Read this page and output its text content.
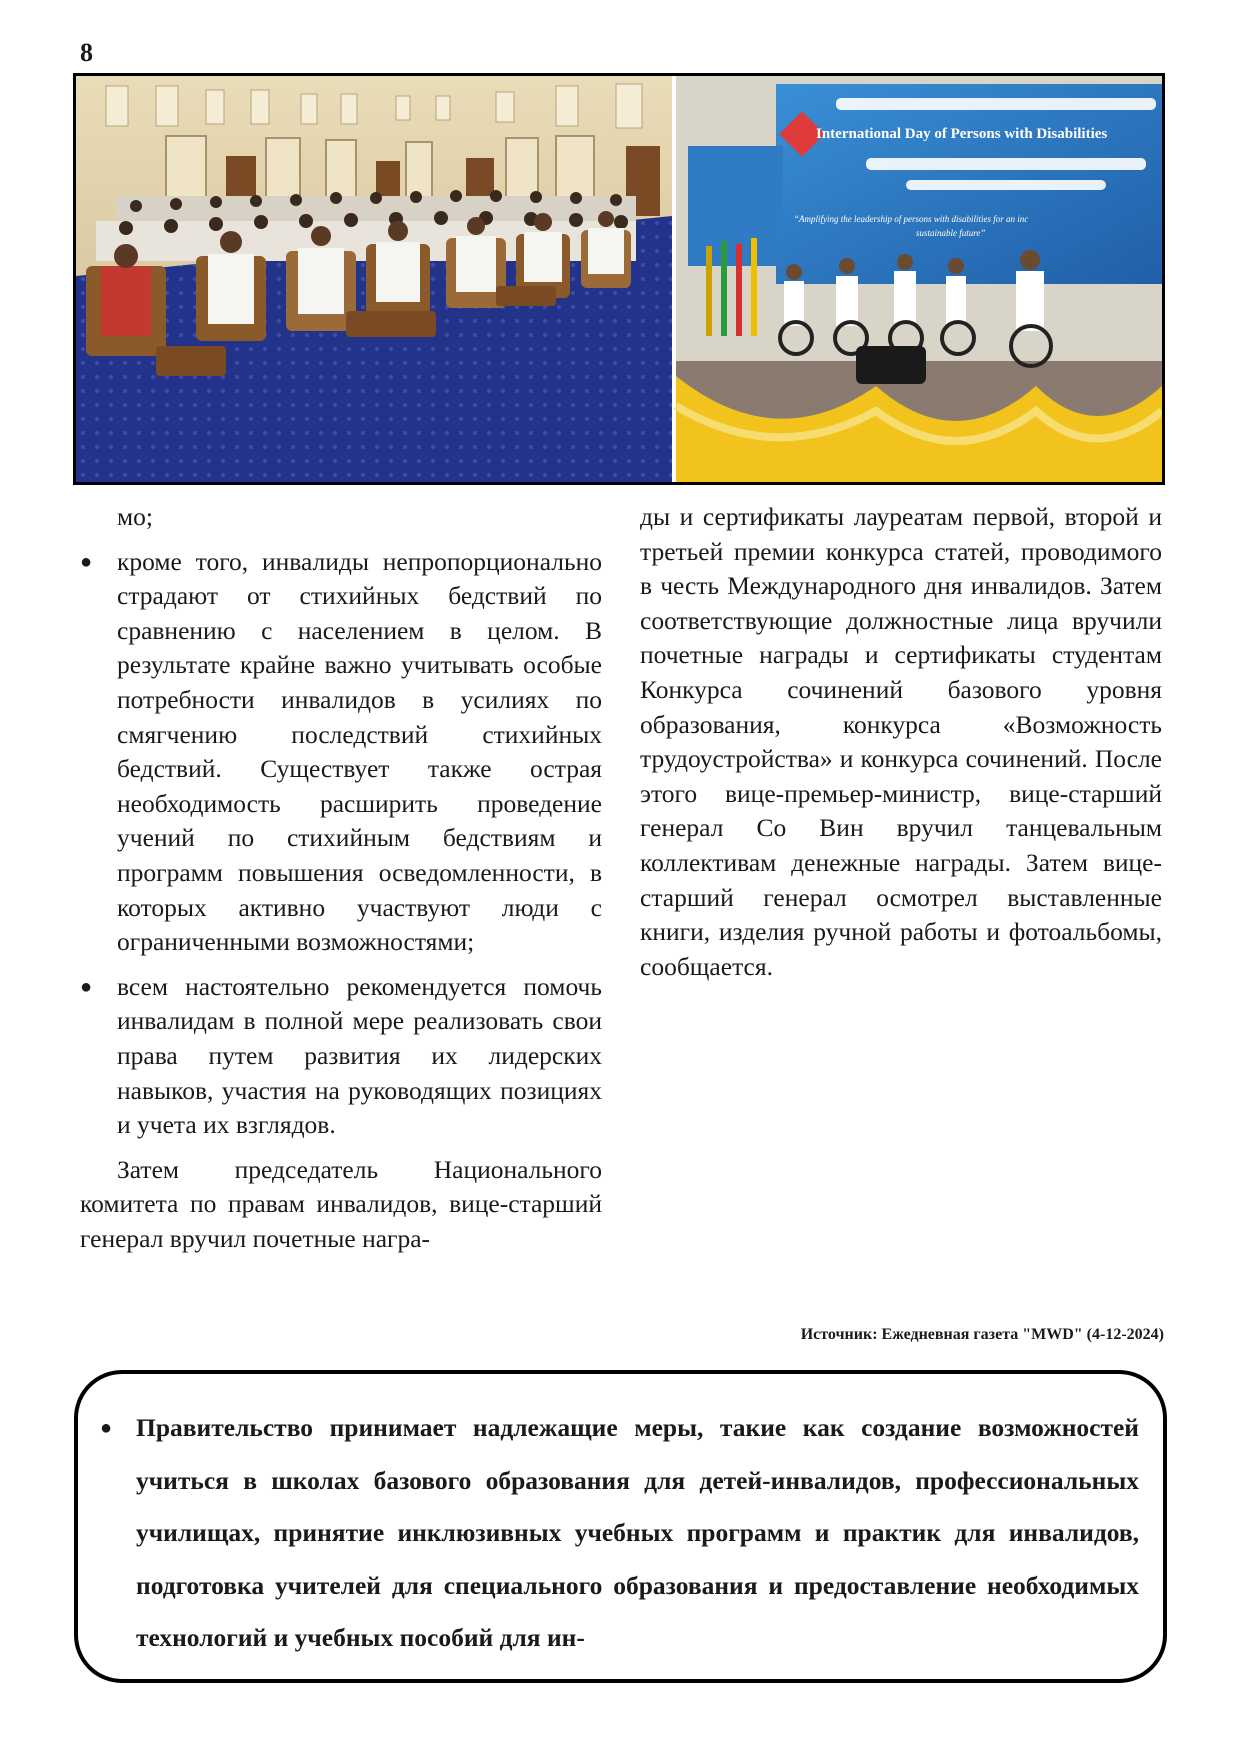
8
International Day of Persons with Disabilities
“Amplifying the leadership of persons with disabilities for an inc
sustainable future”

мо;

● кроме того, инвалиды непропорционально страдают от стихийных бедствий по сравнению с населением в целом. В результате крайне важно учитывать особые потребности инвалидов в усилиях по смягчению последствий стихийных бедствий. Существует также острая необходимость расширить проведение учений по стихийным бедствиям и программ повышения осведомленности, в которых активно участвуют люди с ограниченными возможностями;
● всем настоятельно рекомендуется помочь инвалидам в полной мере реализовать свои права путем развития их лидерских навыков, участия на руководящих позициях и учета их взглядов.

Затем председатель Национального комитета по правам инвалидов, вице-старший генерал вручил почетные награ-

ды и сертификаты лауреатам первой, второй и третьей премии конкурса статей, проводимого в честь Международного дня инвалидов. Затем соответствующие должностные лица вручили почетные награды и сертификаты студентам Конкурса сочинений базового уровня образования, конкурса «Возможность трудоустройства» и конкурса сочинений. После этого вице-премьер-министр, вице-старший генерал Со Вин вручил танцевальным коллективам денежные награды. Затем вице-старший генерал осмотрел выставленные книги, изделия ручной работы и фотоальбомы, сообщается.

Источник: Ежедневная газета "MWD" (4-12-2024)

● Правительство принимает надлежащие меры, такие как создание возможностей учиться в школах базового образования для детей-инвалидов, профессиональных училищах, принятие инклюзивных учебных программ и практик для инвалидов, подготовка учителей для специального образования и предоставление необходимых технологий и учебных пособий для ин-
